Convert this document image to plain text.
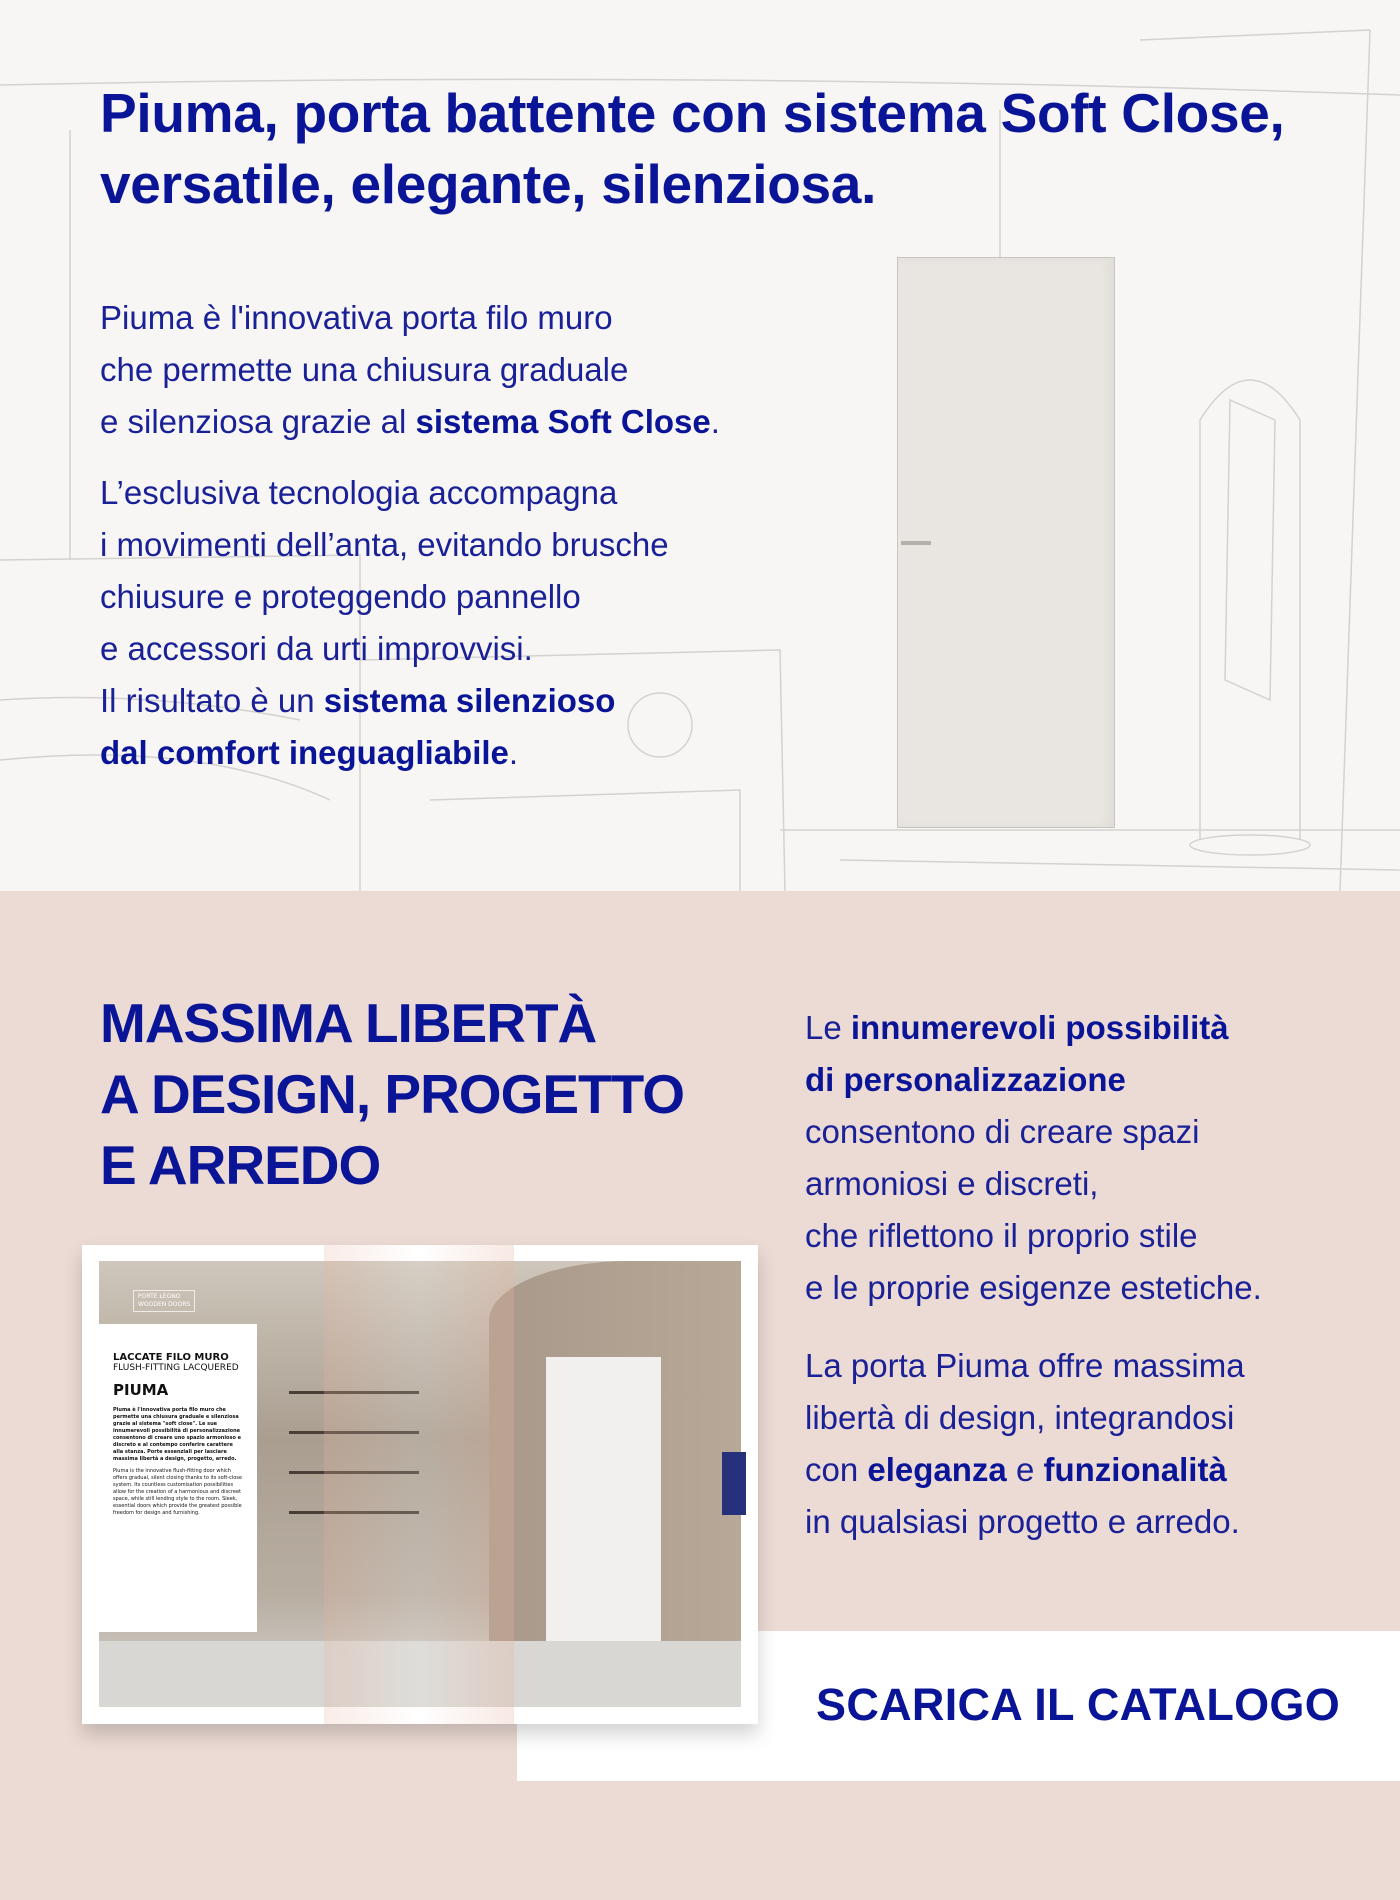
Piuma, porta battente con sistema Soft Close,
versatile, elegante, silenziosa.
Piuma è l'innovativa porta filo muro
che permette una chiusura graduale
e silenziosa grazie al sistema Soft Close.
L’esclusiva tecnologia accompagna
i movimenti dell’anta, evitando brusche
chiusure e proteggendo pannello
e accessori da urti improvvisi.
Il risultato è un sistema silenzioso
dal comfort ineguagliabile.
MASSIMA LIBERTÀ
A DESIGN, PROGETTO
E ARREDO
Le innumerevoli possibilità
di personalizzazione
consentono di creare spazi
armoniosi e discreti,
che riflettono il proprio stile
e le proprie esigenze estetiche.
La porta Piuma offre massima
libertà di design, integrandosi
con eleganza e funzionalità
in qualsiasi progetto e arredo.
SCARICA IL CATALOGO
PORTE LEGNO
WOODEN DOORS
LACCATE FILO MURO
FLUSH-FITTING LACQUERED
PIUMA
Piuma è l'innovativa porta filo muro che permette una chiusura graduale e silenziosa grazie al sistema "soft close". Le sue innumerevoli possibilità di personalizzazione consentono di creare uno spazio armonioso e discreto e al contempo conferire carattere alla stanza. Porte essenziali per lasciare massima libertà a design, progetto, arredo.
Piuma is the innovative flush-fitting door which offers gradual, silent closing thanks to its soft-close system. Its countless customisation possibilities allow for the creation of a harmonious and discreet space, while still lending style to the room. Sleek, essential doors which provide the greatest possible freedom for design and furnishing.
